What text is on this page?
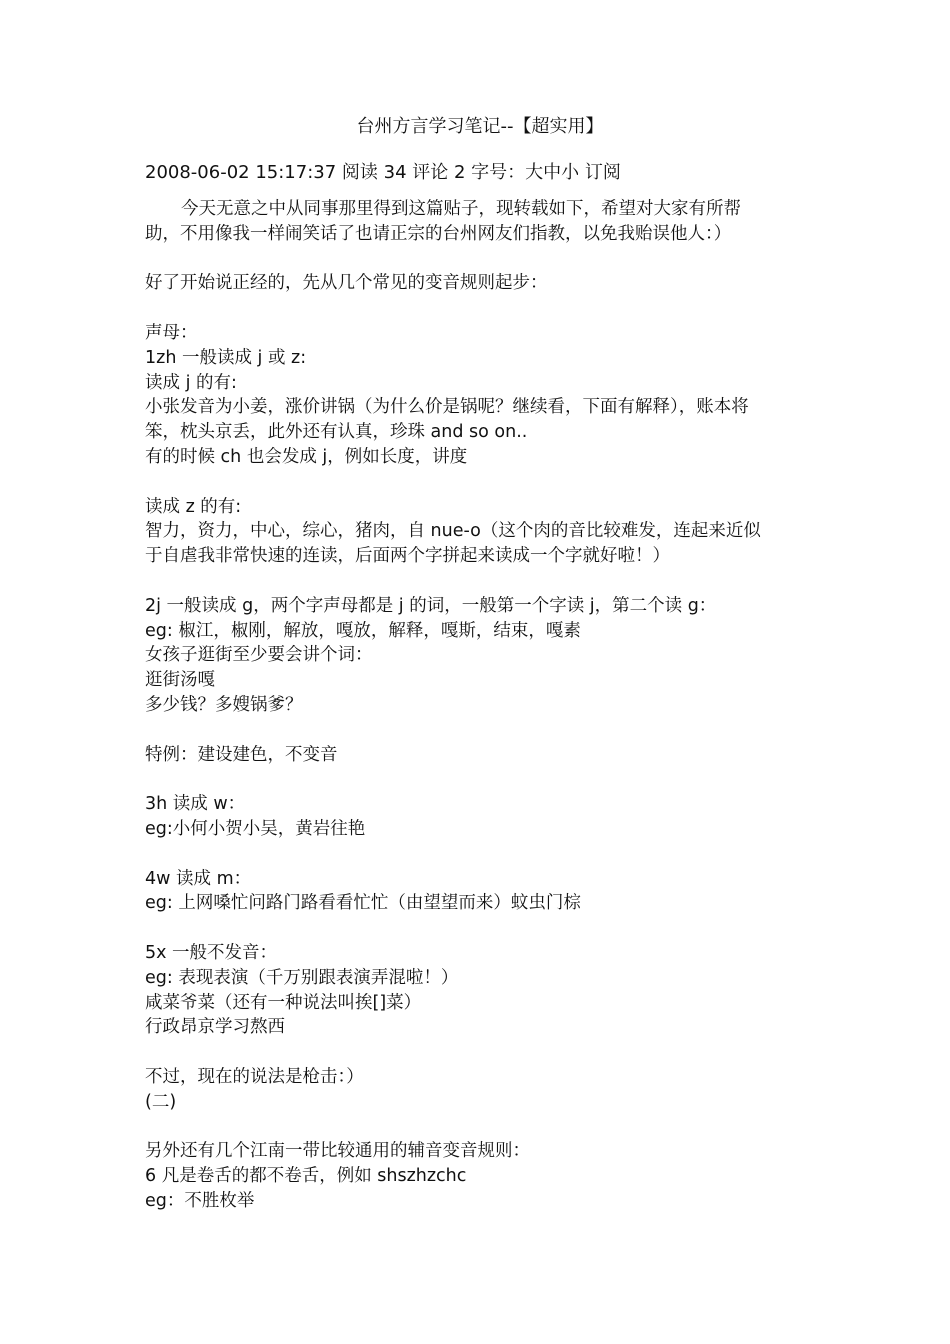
台州方言学习笔记--【超实用】
2008-06-02 15:17:37 阅读 34 评论 2 字号：大中小 订阅
今天无意之中从同事那里得到这篇贴子，现转载如下，希望对大家有所帮
助，不用像我一样闹笑话了也请正宗的台州网友们指教，以免我贻误他人：）
好了开始说正经的，先从几个常见的变音规则起步：
声母：
1zh 一般读成 j 或 z:
读成 j 的有:
小张发音为小姜，涨价讲锅（为什么价是锅呢？继续看，下面有解释），账本将
笨，枕头京丢，此外还有认真，珍珠 and so on..
有的时候 ch 也会发成 j，例如长度，讲度
读成 z 的有:
智力，资力，中心，综心，猪肉，自 nue-o（这个肉的音比较难发，连起来近似
于自虐我非常快速的连读，后面两个字拼起来读成一个字就好啦！）
2j 一般读成 g，两个字声母都是 j 的词，一般第一个字读 j，第二个读 g：
eg: 椒江，椒刚，解放，嘎放，解释，嘎斯，结束，嘎素
女孩子逛街至少要会讲个词：
逛街汤嘎
多少钱？多嫂锅爹？
特例：建设建色，不变音
3h 读成 w：
eg:小何小贺小吴，黄岩往艳
4w 读成 m：
eg: 上网嗓忙问路门路看看忙忙（由望望而来）蚊虫门棕
5x 一般不发音：
eg: 表现表演（千万别跟表演弄混啦！）
咸菜爷菜（还有一种说法叫挨[]菜）
行政昂京学习熬西
不过，现在的说法是枪击：）
(二)
另外还有几个江南一带比较通用的辅音变音规则：
6 凡是卷舌的都不卷舌，例如 shszhzchc
eg：不胜枚举
